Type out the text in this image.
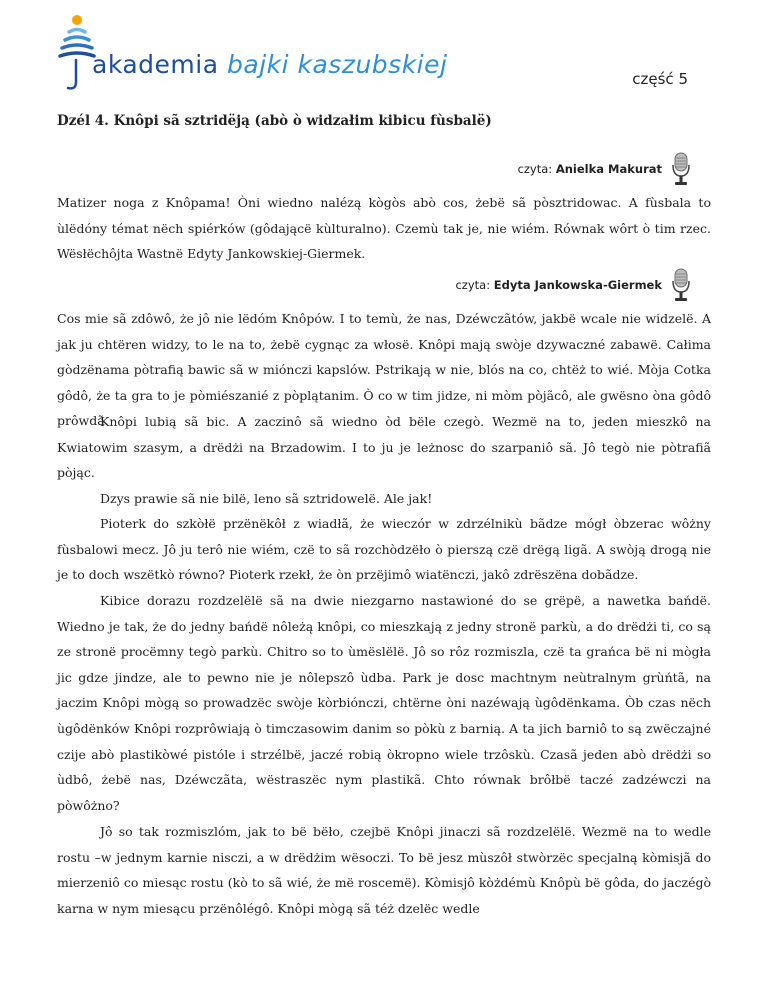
akademia bajki kaszubskiej	część 5
Dzél 4. Knôpi sã sztridëją (abò ò widzałim kibicu fùsbalë)
czyta: Anielka Makurat
Matizer noga z Knôpama! Òni wiedno nalézą kògòs abò cos, żebë sã pòsztridowac. A fùsbala to ùlëdóny témat nëch spiérków (gôdającë kùlturalno). Czemù tak je, nie wiém. Równak wôrt ò tim rzec. Wësłëchôjta Wastnë Edyty Jankowskiej-Giermek.
czyta: Edyta Jankowska-Giermek
Cos mie sã zdôwô, że jô nie lëdóm Knôpów. I to temù, że nas, Dzéwczãtów, jakbë wcale nie widzelë. A jak ju chtëren widzy, to le na to, żebë cygnąc za włosë. Knôpi mają swòje dzywaczné zabawë. Całima gòdzënama pòtrafią bawic sã w miónczi kapslów. Pstrikają w nie, blós na co, chtëż to wié. Mòja Cotka gôdô, że ta gra to je pòmiészanié z pòplątanim. Ò co w tim jidze, ni mòm pòjãcô, ale gwësno òna gôdô prôwdã.
Knôpi lubią sã bic. A zaczinô sã wiedno òd bële czegò. Wezmë na to, jeden mieszkô na Kwiatowim szasym, a drëdżi na Brzadowim. I to ju je leżnosc do szarpaniô sã. Jô tegò nie pòtrafiã pòjąc.
Dzys prawie sã nie bilë, leno sã sztridowelë. Ale jak!
Pioterk do szkòłë przënëkôł z wiadłã, że wieczór w zdrzélnikù bãdze mógł òbzerac wôżny fùsbalowi mecz. Jô ju terô nie wiém, czë to sã rozchòdzëło ò pierszą czë drëgą ligã. A swòją drogą nie je to doch wszëtkò równo? Pioterk rzekł, że òn przëjimô wiatënczi, jakô zdrëszëna dobãdze.
Kibice dorazu rozdzelëlë sã na dwie niezgarno nastawioné do se grëpë, a nawetka bańdë. Wiedno je tak, że do jedny bańdë nôleżą knôpi, co mieszkają z jedny stronë parkù, a do drëdżi ti, co są ze stronë procëmny tegò parkù. Chitro so to ùmëslëlë. Jô so rôz rozmiszla, czë ta grańca bë ni mògła jic gdze jindze, ale to pewno nie je nôlepszô ùdba. Park je dosc machtnym neùtralnym grùńtã, na jaczim Knôpi mògą so prowadzëc swòje kòrbiónczi, chtërne òni nazéwają ùgôdënkama. Òb czas nëch ùgôdënków Knôpi rozprôwiają ò timczasowim danim so pòkù z barnią. A ta jich barniô to są zwëczajné czije abò plastikòwé pistóle i strzélbë, jaczé robią òkropno wiele trzôskù. Czasã jeden abò drëdżi so ùdbô, żebë nas, Dzéwczãta, wëstraszëc nym plastikã. Chto równak brôłbë taczé zadzéwczi na pòwôżno?
Jô so tak rozmiszlóm, jak to bë bëło, czejbë Knôpi jinaczi sã rozdzelëlë. Wezmë na to wedle rostu –w jednym karnie nisczi, a w drëdżim wësoczi. To bë jesz mùszôł stwòrzëc specjalną kòmisjã do mierzeniô co miesąc rostu (kò to sã wié, że më roscemë). Kòmisjô kòżdémù Knôpù bë gôda, do jaczégò karna w nym miesącu przënôlégô. Knôpi mògą sã téż dzelëc wedle
